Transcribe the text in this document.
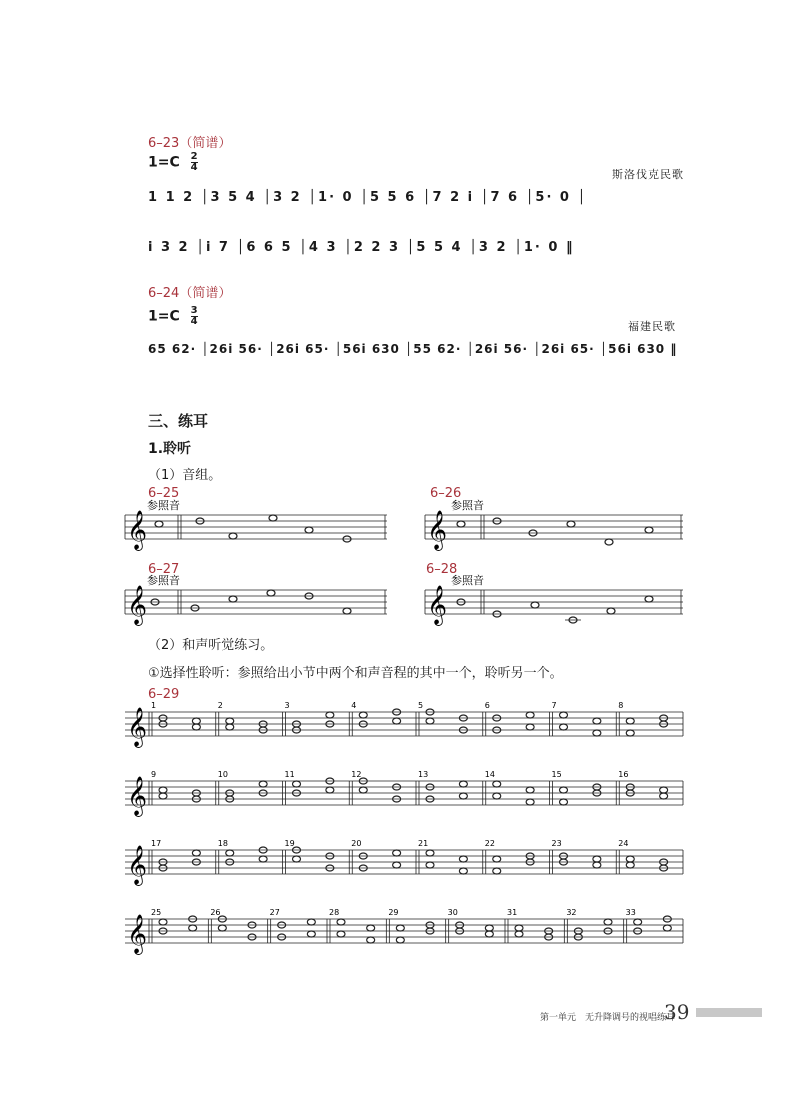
6–23（简谱）
$1=C \frac{2}{4}$
斯洛伐克民歌
1 1 2 │3 5 4 │3 2 │1· 0 │5 5 6 │7 2 i │7 6 │5· 0 │
i 3 2 │i 7 │6 6 5 │4 3 │2 2 3 │5 5 4 │3 2 │1· 0 ‖
6–24（简谱）
$1=C \frac{3}{4}$	福建民歌
65 62· │26i 56· │26i 65· │56i 630 │55 62· │26i 56· │26i 65· │56i 630 ‖
三、练耳
1.聆听
（1）音组。
6–25	6–26
6–27	6–28
参照音
𝄞
参照音
𝄞
参照音
𝄞
参照音
𝄞
𝄞
1	2	3	4	5	6	7	8
𝄞
9	10	11	12	13	14	15	16
𝄞
17	18	19	20	21	22	23	24
𝄞
25	26	27	28	29	30	31	32	33
（2）和声听觉练习。
①选择性聆听：参照给出小节中两个和声音程的其中一个，聆听另一个。
6–29
第一单元　无升降调号的视唱练耳
39
